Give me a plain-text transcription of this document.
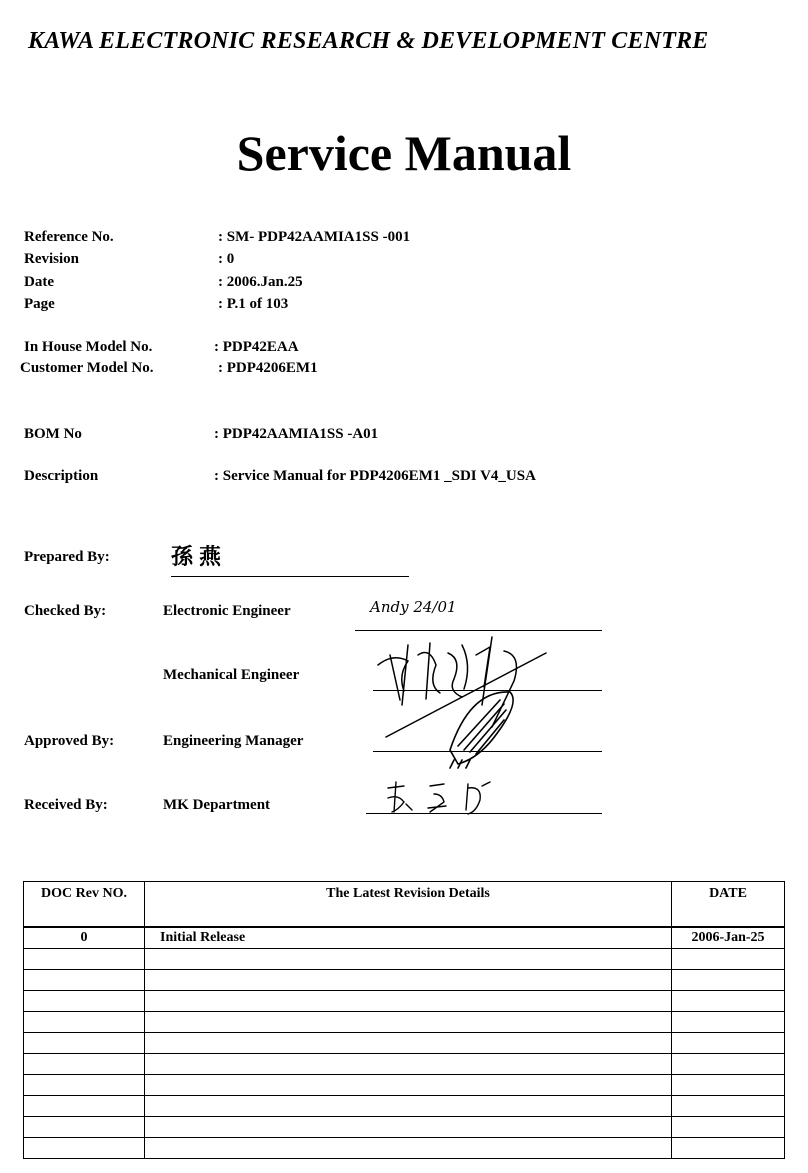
KAWA ELECTRONIC RESEARCH & DEVELOPMENT CENTRE
Service Manual
Reference No.	: SM- PDP42AAMIA1SS -001
Revision	: 0
Date	: 2006.Jan.25
Page	: P.1 of 103
In House Model No.	: PDP42EAA
Customer Model No.	: PDP4206EM1
BOM No	: PDP42AAMIA1SS -A01
Description	: Service Manual for PDP4206EM1 _SDI V4_USA
Prepared By:	孫燕
Checked By:	Electronic Engineer	Andy 24/01
Mechanical Engineer
Approved By:	Engineering Manager
Received By:	MK Department
DOC Rev NO.	The Latest Revision Details	DATE
0	Initial Release	2006-Jan-25
